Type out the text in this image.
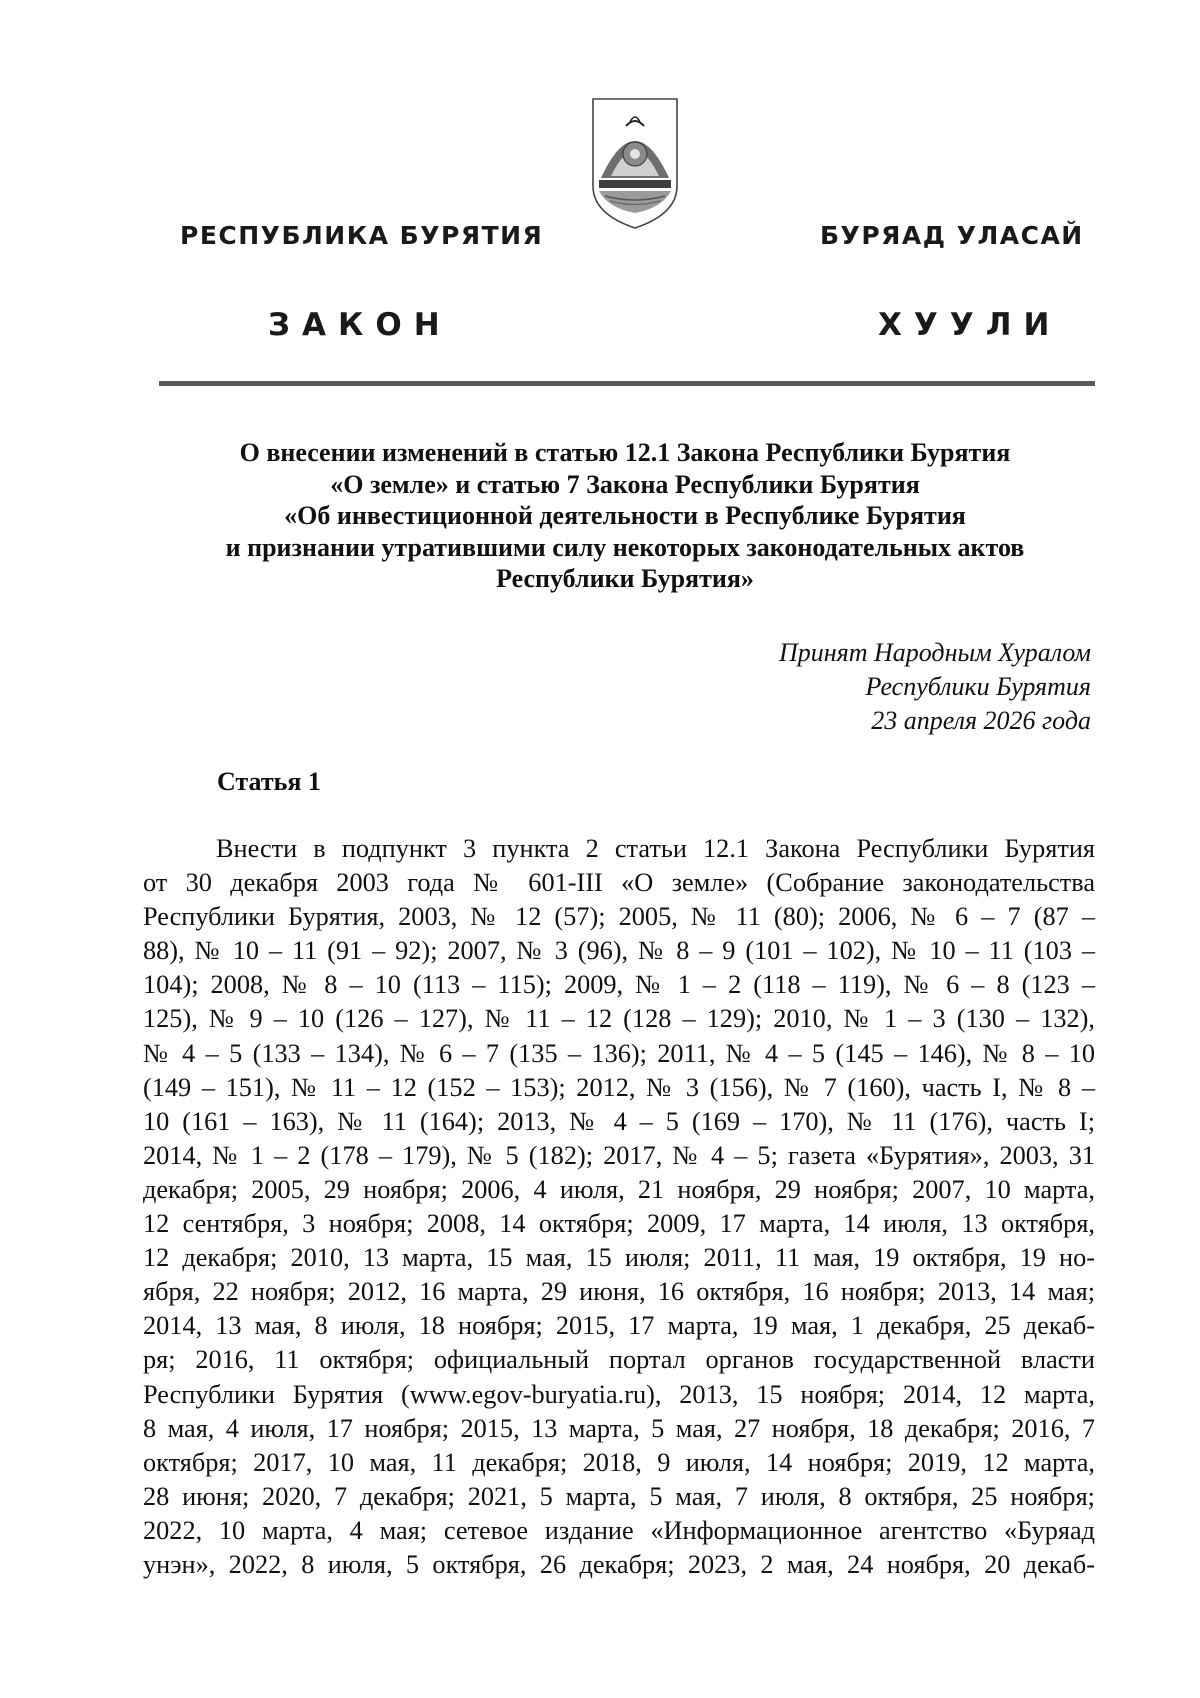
РЕСПУБЛИКА БУРЯТИЯ	БУРЯАД УЛАСАЙ
ЗАКОН	ХУУЛИ
О внесении изменений в статью 12.1 Закона Республики Бурятия
«О земле» и статью 7 Закона Республики Бурятия
«Об инвестиционной деятельности в Республике Бурятия
и признании утратившими силу некоторых законодательных актов
Республики Бурятия»
Принят Народным Хуралом
Республики Бурятия
23 апреля 2026 года
Статья 1
Внести в подпункт 3 пункта 2 статьи 12.1 Закона Республики Бурятия
от 30 декабря 2003 года № 601-III «О земле» (Собрание законодательства
Республики Бурятия, 2003, № 12 (57); 2005, № 11 (80); 2006, № 6 – 7 (87 –
88), № 10 – 11 (91 – 92); 2007, № 3 (96), № 8 – 9 (101 – 102), № 10 – 11 (103 –
104); 2008, № 8 – 10 (113 – 115); 2009, № 1 – 2 (118 – 119), № 6 – 8 (123 –
125), № 9 – 10 (126 – 127), № 11 – 12 (128 – 129); 2010, № 1 – 3 (130 – 132),
№ 4 – 5 (133 – 134), № 6 – 7 (135 – 136); 2011, № 4 – 5 (145 – 146), № 8 – 10
(149 – 151), № 11 – 12 (152 – 153); 2012, № 3 (156), № 7 (160), часть I, № 8 –
10 (161 – 163), № 11 (164); 2013, № 4 – 5 (169 – 170), № 11 (176), часть I;
2014, № 1 – 2 (178 – 179), № 5 (182); 2017, № 4 – 5; газета «Бурятия», 2003, 31
декабря; 2005, 29 ноября; 2006, 4 июля, 21 ноября, 29 ноября; 2007, 10 марта,
12 сентября, 3 ноября; 2008, 14 октября; 2009, 17 марта, 14 июля, 13 октября,
12 декабря; 2010, 13 марта, 15 мая, 15 июля; 2011, 11 мая, 19 октября, 19 но-
ября, 22 ноября; 2012, 16 марта, 29 июня, 16 октября, 16 ноября; 2013, 14 мая;
2014, 13 мая, 8 июля, 18 ноября; 2015, 17 марта, 19 мая, 1 декабря, 25 декаб-
ря; 2016, 11 октября; официальный портал органов государственной власти
Республики Бурятия (www.egov-buryatia.ru), 2013, 15 ноября; 2014, 12 марта,
8 мая, 4 июля, 17 ноября; 2015, 13 марта, 5 мая, 27 ноября, 18 декабря; 2016, 7
октября; 2017, 10 мая, 11 декабря; 2018, 9 июля, 14 ноября; 2019, 12 марта,
28 июня; 2020, 7 декабря; 2021, 5 марта, 5 мая, 7 июля, 8 октября, 25 ноября;
2022, 10 марта, 4 мая; сетевое издание «Информационное агентство «Буряад
унэн», 2022, 8 июля, 5 октября, 26 декабря; 2023, 2 мая, 24 ноября, 20 декаб-
